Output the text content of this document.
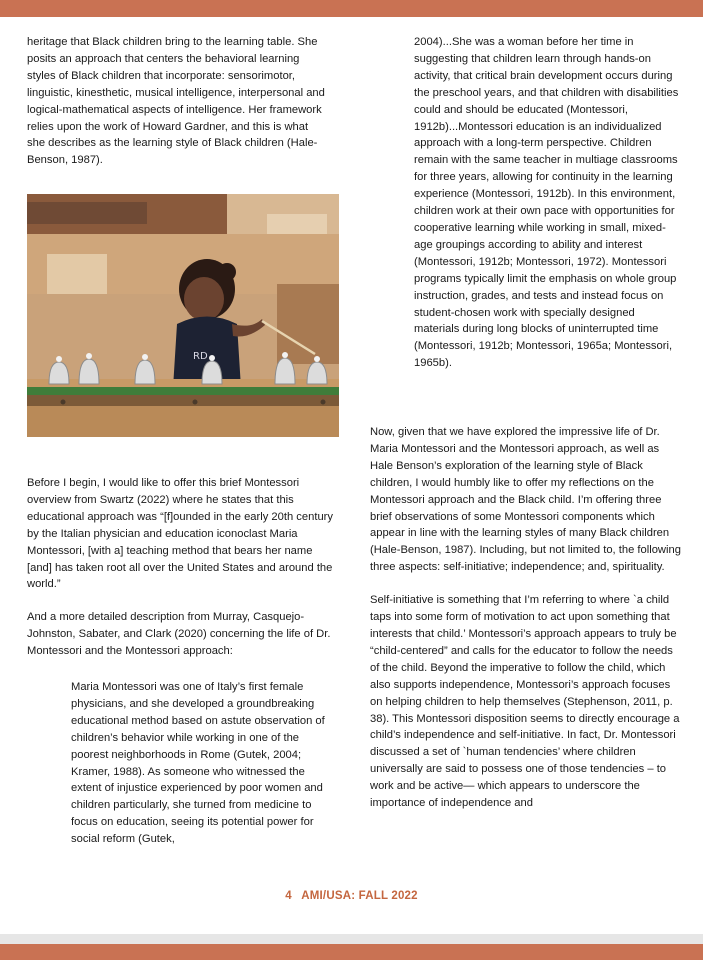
heritage that Black children bring to the learning table. She posits an approach that centers the behavioral learning styles of Black children that incorporate: sensorimotor, linguistic, kinesthetic, musical intelligence, interpersonal and logical-mathematical aspects of intelligence. Her framework relies upon the work of Howard Gardner, and this is what she describes as the learning style of Black children (Hale-Benson, 1987).

RD

Before I begin, I would like to offer this brief Montessori overview from Swartz (2022) where he states that this educational approach was “[f]ounded in the early 20th century by the Italian physician and education iconoclast Maria Montessori, [with a] teaching method that bears her name [and] has taken root all over the United States and around the world.”

And a more detailed description from Murray, Casquejo-Johnston, Sabater, and Clark (2020) concerning the life of Dr. Montessori and the Montessori approach:

Maria Montessori was one of Italy’s first female physicians, and she developed a groundbreaking educational method based on astute observation of children’s behavior while working in one of the poorest neighborhoods in Rome (Gutek, 2004; Kramer, 1988). As someone who witnessed the extent of injustice experienced by poor women and children particularly, she turned from medicine to focus on education, seeing its potential power for social reform (Gutek,

2004)...She was a woman before her time in suggesting that children learn through hands-on activity, that critical brain development occurs during the preschool years, and that children with disabilities could and should be educated (Montessori, 1912b)...Montessori education is an individualized approach with a long-term perspective. Children remain with the same teacher in multiage classrooms for three years, allowing for continuity in the learning experience (Montessori, 1912b). In this environment, children work at their own pace with opportunities for cooperative learning while working in small, mixed-age groupings according to ability and interest (Montessori, 1912b; Montessori, 1972). Montessori programs typically limit the emphasis on whole group instruction, grades, and tests and instead focus on student-chosen work with specially designed materials during long blocks of uninterrupted time (Montessori, 1912b; Montessori, 1965a; Montessori, 1965b).

Now, given that we have explored the impressive life of Dr. Maria Montessori and the Montessori approach, as well as Hale Benson’s exploration of the learning style of Black children, I would humbly like to offer my reflections on the Montessori approach and the Black child. I’m offering three brief observations of some Montessori components which appear in line with the learning styles of many Black children (Hale-Benson, 1987). Including, but not limited to, the following three aspects: self-initiative; independence; and, spirituality.

Self-initiative is something that I’m referring to where `a child taps into some form of motivation to act upon something that interests that child.’ Montessori’s approach appears to truly be “child-centered” and calls for the educator to follow the needs of the child. Beyond the imperative to follow the child, which also supports independence, Montessori’s approach focuses on helping children to help themselves (Stephenson, 2011, p. 38). This Montessori disposition seems to directly encourage a child’s independence and self-initiative. In fact, Dr. Montessori discussed a set of `human tendencies’ where children universally are said to possess one of those tendencies – to work and be active— which appears to underscore the importance of independence and

4 AMI/USA: FALL 2022
